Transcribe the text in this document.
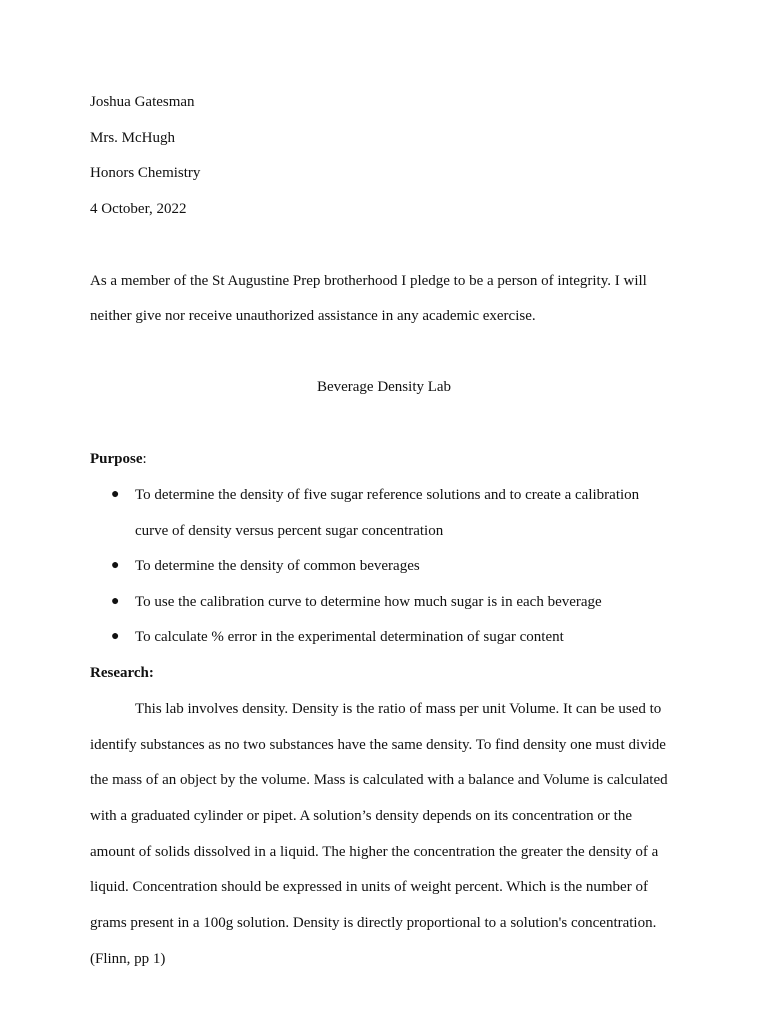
Joshua Gatesman
Mrs. McHugh
Honors Chemistry
4 October, 2022
As a member of the St Augustine Prep brotherhood I pledge to be a person of integrity. I will
neither give nor receive unauthorized assistance in any academic exercise.
Beverage Density Lab
Purpose:
● To determine the density of five sugar reference solutions and to create a calibration
curve of density versus percent sugar concentration
● To determine the density of common beverages
● To use the calibration curve to determine how much sugar is in each beverage
● To calculate % error in the experimental determination of sugar content
Research:
This lab involves density. Density is the ratio of mass per unit Volume. It can be used to
identify substances as no two substances have the same density. To find density one must divide
the mass of an object by the volume. Mass is calculated with a balance and Volume is calculated
with a graduated cylinder or pipet. A solution’s density depends on its concentration or the
amount of solids dissolved in a liquid. The higher the concentration the greater the density of a
liquid. Concentration should be expressed in units of weight percent. Which is the number of
grams present in a 100g solution. Density is directly proportional to a solution's concentration.
(Flinn, pp 1)
